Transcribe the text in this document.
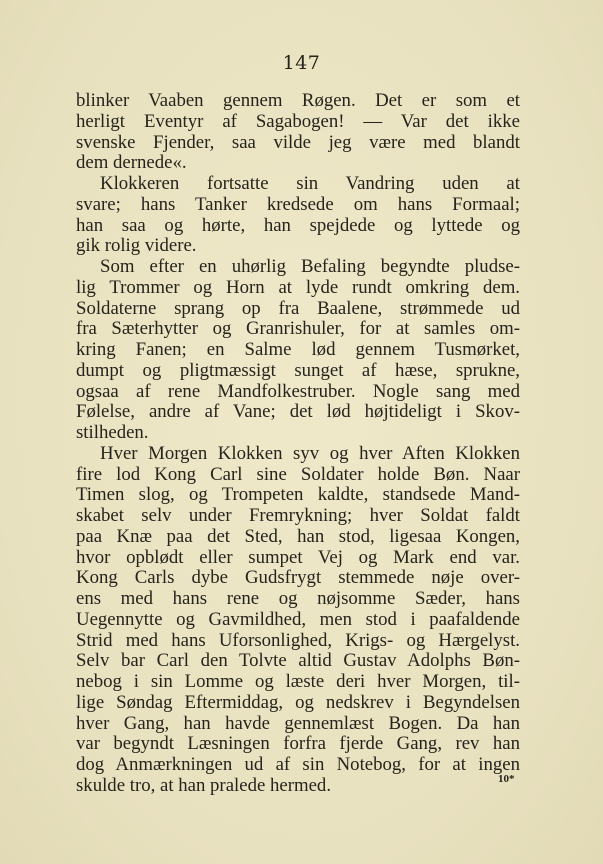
147
blinker Vaaben gennem Røgen. Det er som et
herligt Eventyr af Sagabogen! — Var det ikke
svenske Fjender, saa vilde jeg være med blandt
dem dernede«.
Klokkeren fortsatte sin Vandring uden at
svare; hans Tanker kredsede om hans Formaal;
han saa og hørte, han spejdede og lyttede og
gik rolig videre.
Som efter en uhørlig Befaling begyndte pludse-
lig Trommer og Horn at lyde rundt omkring dem.
Soldaterne sprang op fra Baalene, strømmede ud
fra Sæterhytter og Granrishuler, for at samles om-
kring Fanen; en Salme lød gennem Tusmørket,
dumpt og pligtmæssigt sunget af hæse, sprukne,
ogsaa af rene Mandfolkestruber. Nogle sang med
Følelse, andre af Vane; det lød højtideligt i Skov-
stilheden.
Hver Morgen Klokken syv og hver Aften Klokken
fire lod Kong Carl sine Soldater holde Bøn. Naar
Timen slog, og Trompeten kaldte, standsede Mand-
skabet selv under Fremrykning; hver Soldat faldt
paa Knæ paa det Sted, han stod, ligesaa Kongen,
hvor opblødt eller sumpet Vej og Mark end var.
Kong Carls dybe Gudsfrygt stemmede nøje over-
ens med hans rene og nøjsomme Sæder, hans
Uegennytte og Gavmildhed, men stod i paafaldende
Strid med hans Uforsonlighed, Krigs- og Hærgelyst.
Selv bar Carl den Tolvte altid Gustav Adolphs Bøn-
nebog i sin Lomme og læste deri hver Morgen, til-
lige Søndag Eftermiddag, og nedskrev i Begyndelsen
hver Gang, han havde gennemlæst Bogen. Da han
var begyndt Læsningen forfra fjerde Gang, rev han
dog Anmærkningen ud af sin Notebog, for at ingen
skulde tro, at han pralede hermed.	10*
